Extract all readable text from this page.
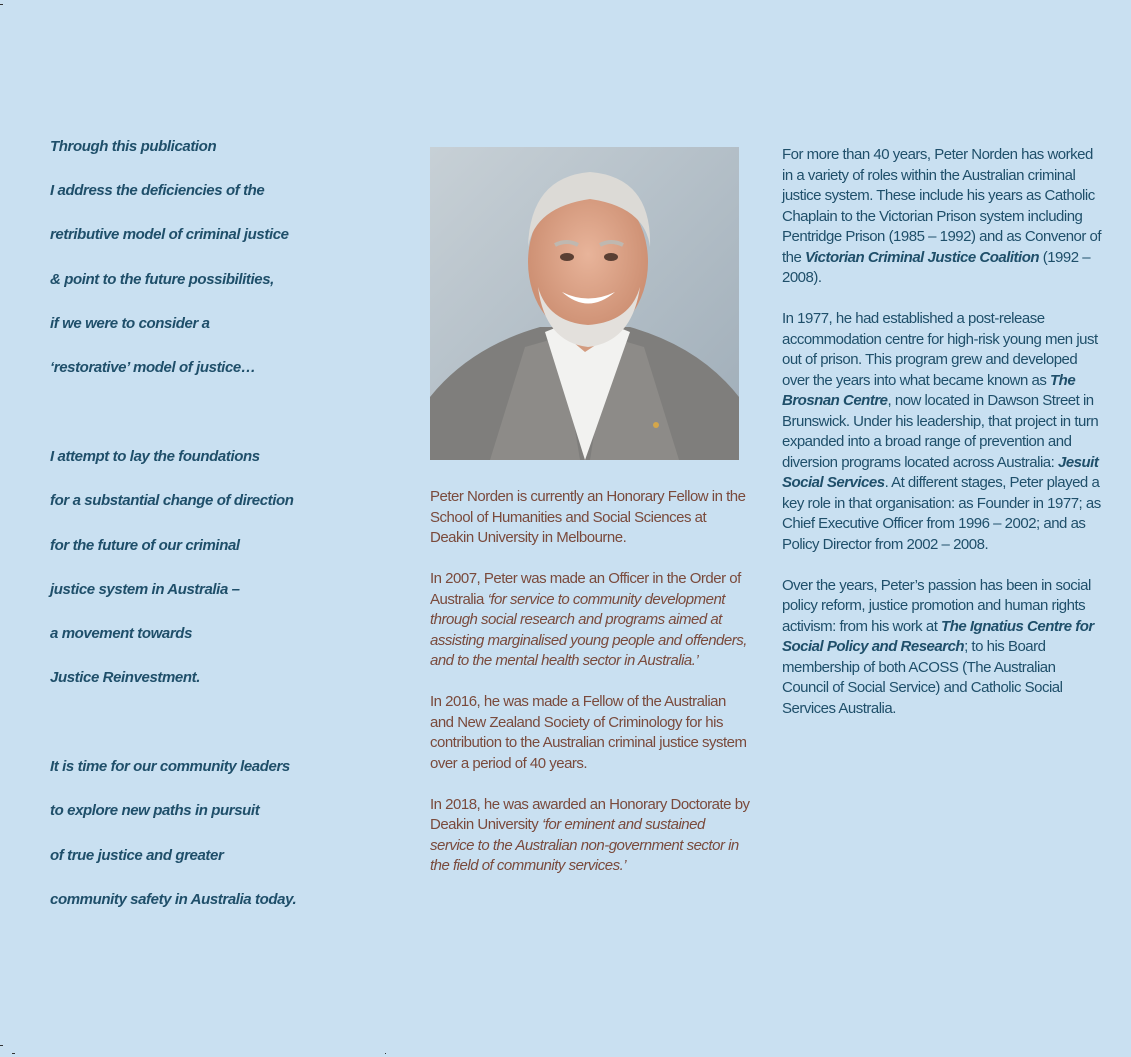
Through this publication
I address the deficiencies of the
retributive model of criminal justice
& point to the future possibilities,
if we were to consider a
‘restorative’ model of justice…
I attempt to lay the foundations
for a substantial change of direction
for the future of our criminal
justice system in Australia –
a movement towards
Justice Reinvestment.
It is time for our community leaders
to explore new paths in pursuit
of true justice and greater
community safety in Australia today.

Peter Norden is currently an Honorary Fellow in the School of Humanities and Social Sciences at Deakin University in Melbourne.

In 2007, Peter was made an Officer in the Order of Australia ‘for service to community development through social research and programs aimed at assisting marginalised young people and offenders, and to the mental health sector in Australia.’

In 2016, he was made a Fellow of the Australian and New Zealand Society of Criminology for his contribution to the Australian criminal justice system over a period of 40 years.

In 2018, he was awarded an Honorary Doctorate by Deakin University ‘for eminent and sustained service to the Australian non-government sector in the field of community services.’

For more than 40 years, Peter Norden has worked in a variety of roles within the Australian criminal justice system. These include his years as Catholic Chaplain to the Victorian Prison system including Pentridge Prison (1985 – 1992) and as Convenor of the Victorian Criminal Justice Coalition (1992 – 2008).

In 1977, he had established a post-release accommodation centre for high-risk young men just out of prison. This program grew and developed over the years into what became known as The Brosnan Centre, now located in Dawson Street in Brunswick. Under his leadership, that project in turn expanded into a broad range of prevention and diversion programs located across Australia: Jesuit Social Services. At different stages, Peter played a key role in that organisation: as Founder in 1977; as Chief Executive Officer from 1996 – 2002; and as Policy Director from 2002 – 2008.

Over the years, Peter’s passion has been in social policy reform, justice promotion and human rights activism: from his work at The Ignatius Centre for Social Policy and Research; to his Board membership of both ACOSS (The Australian Council of Social Service) and Catholic Social Services Australia.
